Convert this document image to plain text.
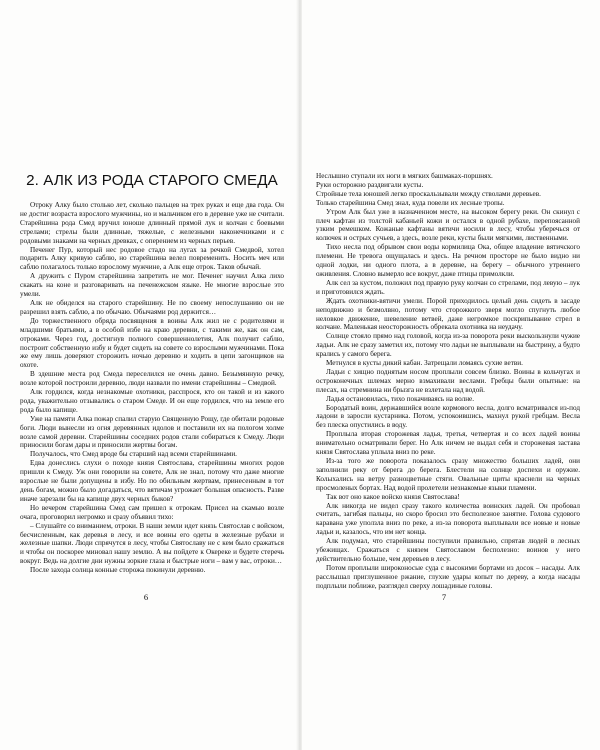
2. АЛК ИЗ РОДА СТАРОГО СМЕДА

Отроку Алку было столько лет, сколько пальцев на трех руках и еще два года. Он не достиг возраста взрослого мужчины, но и мальчиком его в деревне уже не считали. Старейшина рода Смед вручил юноше длинный прямой лук и колчан с боевыми стрелами; стрелы были длинные, тяжелые, с железными наконечниками и с родовыми знаками на черных древках, с оперением из черных перьев.

Печенег Пур, который нес родовое стадо на лугах за речкой Смедвой, хотел подарить Алку кривую саблю, но старейшина велел повременить. Носить меч или саблю полагалось только взрослому мужчине, а Алк еще отрок. Таков обычай.

А дружить с Пуром старейшина запретить не мог. Печенег научил Алка лихо скакать на коне и разговаривать на печенежском языке. Не многие взрослые это умели.

Алк не обиделся на старого старейшину. Не по своему непослушанию он не разрешил взять саблю, а по обычаю. Обычаями род держится…

До торжественного обряда посвящения в воины Алк жил не с родителями и младшими братьями, а в особой избе на краю деревни, с такими же, как он сам, отроками. Через год, достигнув полного совершеннолетия, Алк получит саблю, построит собственную избу и будет сидеть на совете со взрослыми мужчинами. Пока же ему лишь доверяют сторожить ночью деревню и ходить в цепи загонщиков на охоте.

В здешние места род Смеда переселился не очень давно. Безымянную речку, возле которой построили деревню, люди назвали по имени старейшины – Смедвой.

Алк гордился, когда незнакомые охотники, расспрося, кто он такой и из какого рода, уважительно отзывались о старом Смеде. И он еще гордился, что на земле его рода было капище.

Уже на памяти Алка пожар спалил старую Священную Рощу, где обитали родовые боги. Люди вынесли из огня деревянных идолов и поставили их на пологом холме возле самой деревни. Старейшины соседних родов стали собираться к Смеду. Люди приносили богам дары и приносили жертвы богам.

Получалось, что Смед вроде бы старший над всеми старейшинами.

Едва донеслись слухи о походе князя Святослава, старейшины многих родов пришли к Смеду. Уж они говорили на совете, Алк не знал, потому что даже многие взрослые не были допущены в избу. Но по обильным жертвам, принесенным в тот день богам, можно было догадаться, что вятичам угрожает большая опасность. Разве иначе зарезали бы на капище двух черных быков?

Но вечером старейшина Смед сам пришел к отрокам. Присел на скамью возле очага, проговорил негромко и сразу объявил тихо:

– Слушайте со вниманием, отроки. В наши земли идет князь Святослав с войском, бесчисленным, как деревья в лесу, и все воины его одеты в железные рубахи и железные шапки. Люди спрячутся в лесу, чтобы Святославу не с кем было сражаться и чтобы он поскорее миновал нашу землю. А вы пойдете к Окереке и будете стеречь вокруг. Ведь на долгие дни нужны зоркие глаза и быстрые ноги – вам у вас, отроки…

После захода солнца конные сторожа покинули деревню.

6

Неслышно ступали их ноги в мягких башмаках-поршнях.

Руки осторожно раздвигали кусты.

Стройные тела юношей легко проскальзывали между стволами деревьев.

Только старейшина Смед знал, куда повели их лесные тропы.

Утром Алк был уже в назначенном месте, на высоком берегу реки. Он скинул с плеч кафтан из толстой кабаньей кожи и остался в одной рубахе, перепоясанной узким ремешком. Кожаные кафтаны вятичи носили в лесу, чтобы уберечься от колючек и острых сучьев, а здесь, возле реки, кусты были мягкими, лиственными.

Тихо несла под обрывом свои воды кормилица Ока, общее владение вятичского племени. Не тревога ощущалась и здесь. На речном просторе не было видно ни одной лодки, ни одного плота, а в деревне, на берегу – обычного утреннего оживления. Словно вымерло все вокруг, даже птицы примолкли.

Алк сел за кустом, положил под правую руку колчан со стрелами, под левую – лук и приготовился ждать.

Ждать охотники-вятичи умели. Порой приходилось целый день сидеть в засаде неподвижно и безмолвно, потому что сторожкого зверя могло спугнуть любое неловкое движение, шевеление ветвей, даже негромкое поскрипывание стрел в колчане. Маленькая неосторожность обрекала охотника на неудачу.

Солнце стояло прямо над головой, когда из-за поворота реки выскользнули чужие ладьи. Алк не сразу заметил их, потому что ладьи не выплывали на быстрину, а будто крались у самого берега.

Метнулся в кусты дикий кабан. Затрещали ломаясь сухие ветви.

Ладьи с хищно поднятым носом проплыли совсем близко. Воины в кольчугах и остроконечных шлемах мерно взмахивали веслами. Гребцы были опытные: на плесах, на стремнина ни брызга не взлетала над водой.

Ладья остановилась, тихо покачиваясь на волне.

Бородатый воин, державшийся возле кормового весла, долго всматривался из-под ладони в заросли кустарника. Потом, успокоившись, махнул рукой гребцам. Весла без плеска опустились в воду.

Проплыла вторая сторожевая ладья, третья, четвертая и со всех ладей воины внимательно осматривали берег. Но Алк ничем не выдал себя и сторожевая застава князя Святослава уплыла вниз по реке.

Из-за того же поворота показалось сразу множество больших ладей, они заполнили реку от берега до берега. Блестели на солнце доспехи и оружие. Колыхались на ветру разноцветные стяги. Овальные щиты краснели на черных просмоленых бортах. Над водой пролетели незнакомые языки пламени.

Так вот оно какое войско князя Святослава!

Алк никогда не видел сразу такого количества воинских ладей. Он пробовал считать, загибая пальцы, но скоро бросил это бесполезное занятие. Голова судового каравана уже уползла вниз по реке, а из-за поворота выплывали все новые и новые ладьи и, казалось, что им нет конца.

Алк подумал, что старейшины поступили правильно, спрятав людей в лесных убежищах. Сражаться с князем Святославом бесполезно: воинов у него действительно больше, чем деревьев в лесу.

Потом проплыли широконосые суда с высокими бортами из досок – насады. Алк расслышал приглушенное ржание, глухие удары копыт по дереву, а когда насады подплыли поближе, разглядел сверху лошадиные головы.

7
